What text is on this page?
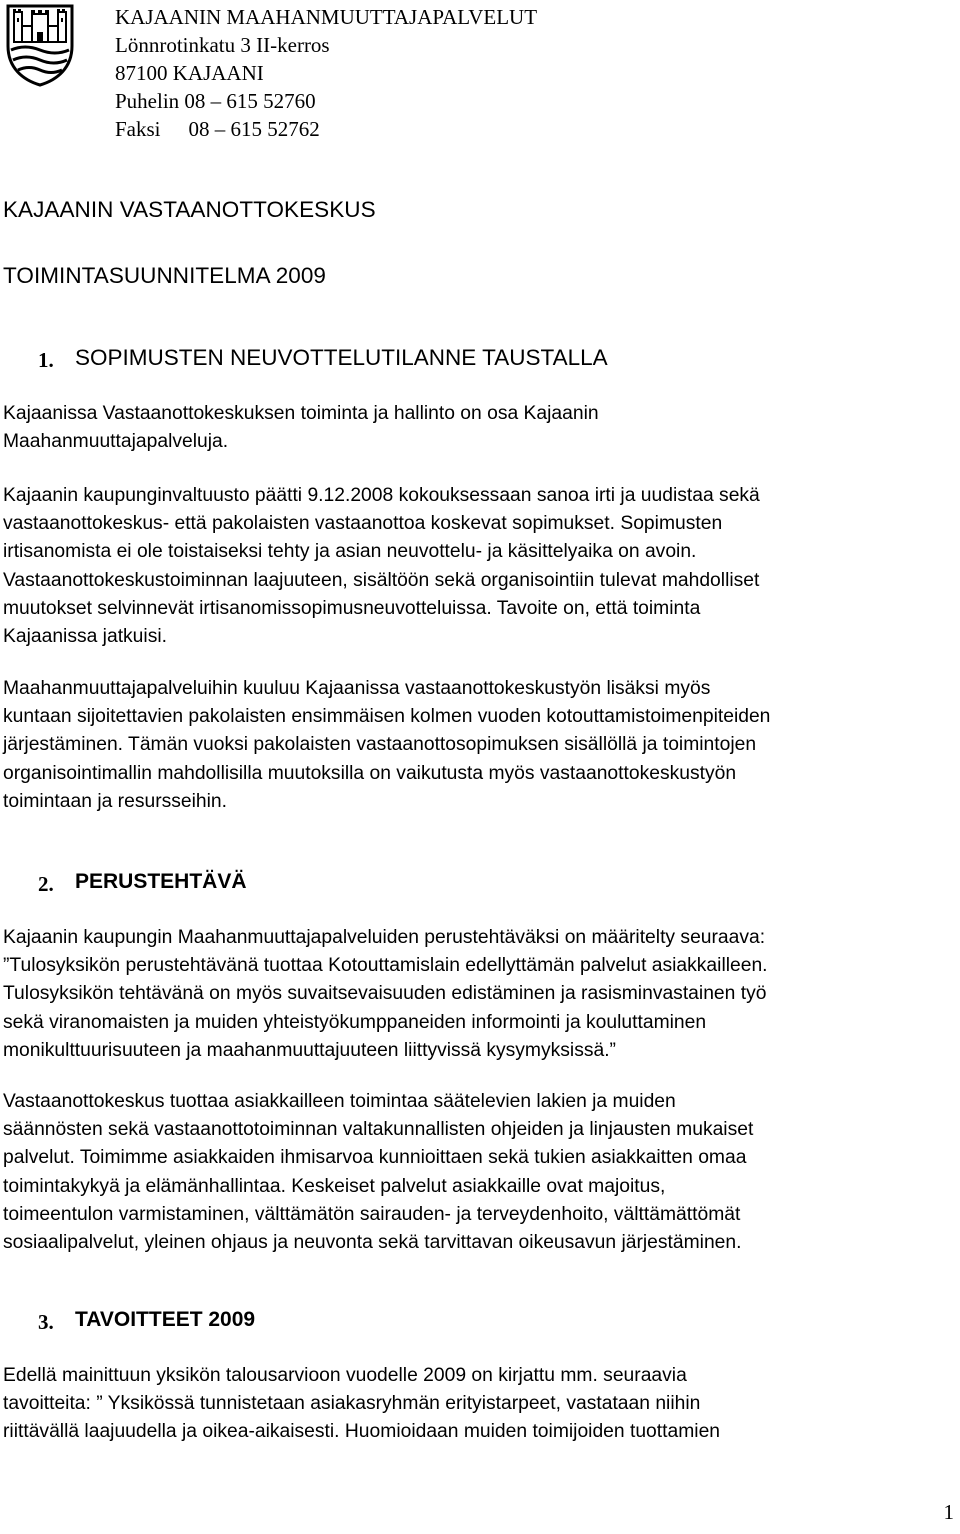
KAJAANIN MAAHANMUUTTAJAPALVELUT
Lönnrotinkatu 3 II-kerros
87100 KAJAANI
Puhelin 08 – 615 52760
Faksi 08 – 615 52762
KAJAANIN VASTAANOTTOKESKUS
TOIMINTASUUNNITELMA 2009
1. SOPIMUSTEN NEUVOTTELUTILANNE TAUSTALLA
Kajaanissa Vastaanottokeskuksen toiminta ja hallinto on osa Kajaanin
Maahanmuuttajapalveluja.
Kajaanin kaupunginvaltuusto päätti 9.12.2008 kokouksessaan sanoa irti ja uudistaa sekä
vastaanottokeskus- että pakolaisten vastaanottoa koskevat sopimukset. Sopimusten
irtisanomista ei ole toistaiseksi tehty ja asian neuvottelu- ja käsittelyaika on avoin.
Vastaanottokeskustoiminnan laajuuteen, sisältöön sekä organisointiin tulevat mahdolliset
muutokset selvinnevät irtisanomissopimusneuvotteluissa. Tavoite on, että toiminta
Kajaanissa jatkuisi.
Maahanmuuttajapalveluihin kuuluu Kajaanissa vastaanottokeskustyön lisäksi myös
kuntaan sijoitettavien pakolaisten ensimmäisen kolmen vuoden kotouttamistoimenpiteiden
järjestäminen. Tämän vuoksi pakolaisten vastaanottosopimuksen sisällöllä ja toimintojen
organisointimallin mahdollisilla muutoksilla on vaikutusta myös vastaanottokeskustyön
toimintaan ja resursseihin.
2. PERUSTEHTÄVÄ
Kajaanin kaupungin Maahanmuuttajapalveluiden perustehtäväksi on määritelty seuraava:
”Tulosyksikön perustehtävänä tuottaa Kotouttamislain edellyttämän palvelut asiakkailleen.
Tulosyksikön tehtävänä on myös suvaitsevaisuuden edistäminen ja rasisminvastainen työ
sekä viranomaisten ja muiden yhteistyökumppaneiden informointi ja kouluttaminen
monikulttuurisuuteen ja maahanmuuttajuuteen liittyvissä kysymyksissä.”
Vastaanottokeskus tuottaa asiakkailleen toimintaa säätelevien lakien ja muiden
säännösten sekä vastaanottotoiminnan valtakunnallisten ohjeiden ja linjausten mukaiset
palvelut. Toimimme asiakkaiden ihmisarvoa kunnioittaen sekä tukien asiakkaitten omaa
toimintakykyä ja elämänhallintaa. Keskeiset palvelut asiakkaille ovat majoitus,
toimeentulon varmistaminen, välttämätön sairauden- ja terveydenhoito, välttämättömät
sosiaalipalvelut, yleinen ohjaus ja neuvonta sekä tarvittavan oikeusavun järjestäminen.
3. TAVOITTEET 2009
Edellä mainittuun yksikön talousarvioon vuodelle 2009 on kirjattu mm. seuraavia
tavoitteita: ” Yksikössä tunnistetaan asiakasryhmän erityistarpeet, vastataan niihin
riittävällä laajuudella ja oikea-aikaisesti. Huomioidaan muiden toimijoiden tuottamien
1
